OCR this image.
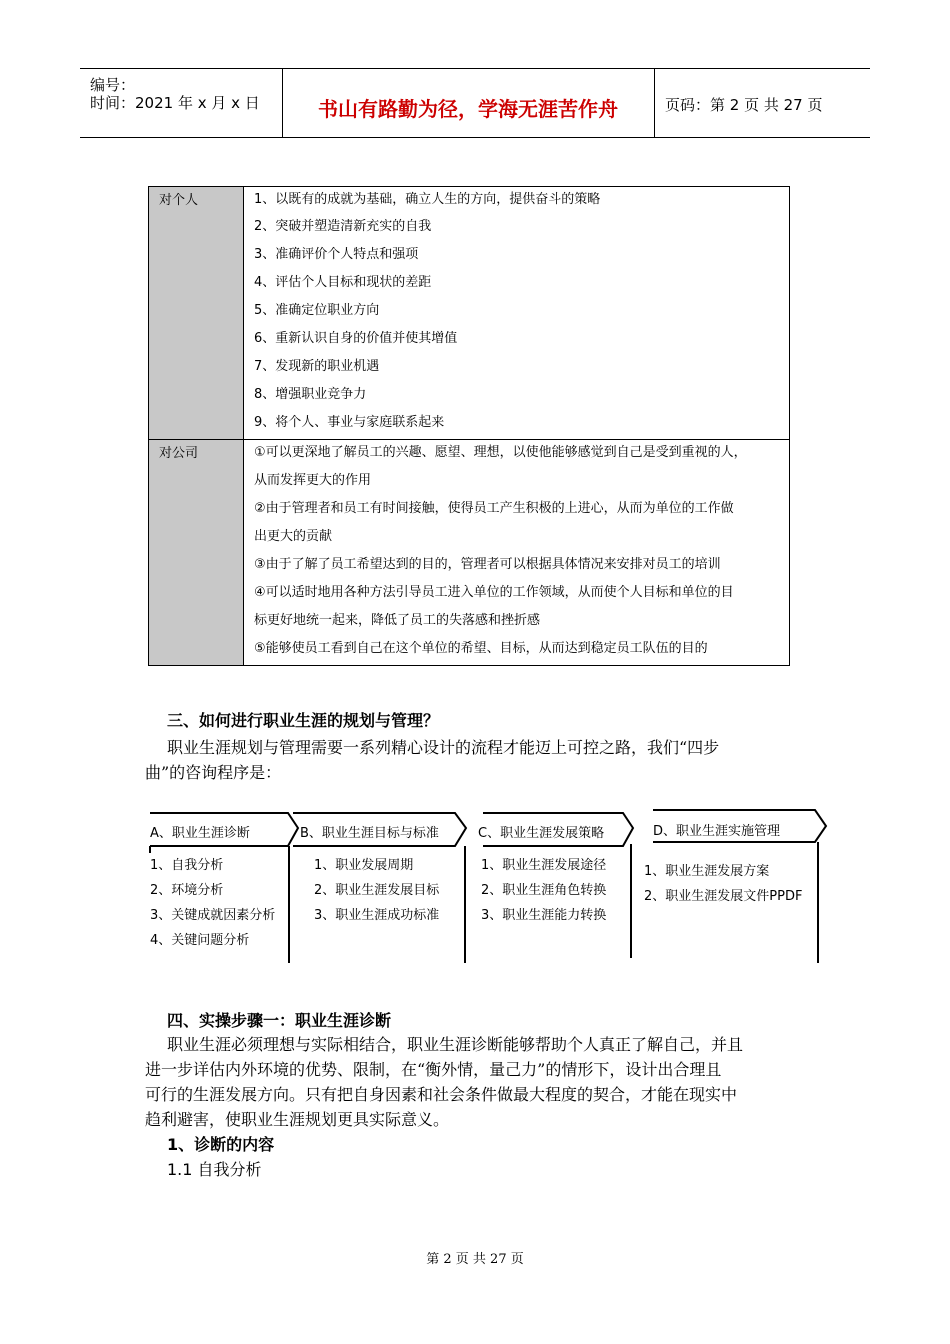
编号：
时间：2021 年 x 月 x 日	书山有路勤为径，学海无涯苦作舟	页码：第 2 页 共 27 页
对个人	1、以既有的成就为基础，确立人生的方向，提供奋斗的策略
2、突破并塑造清新充实的自我
3、准确评价个人特点和强项
4、评估个人目标和现状的差距
5、准确定位职业方向
6、重新认识自身的价值并使其增值
7、发现新的职业机遇
8、增强职业竞争力
9、将个人、事业与家庭联系起来
对公司	①可以更深地了解员工的兴趣、愿望、理想，以使他能够感觉到自己是受到重视的人，
从而发挥更大的作用
②由于管理者和员工有时间接触，使得员工产生积极的上进心，从而为单位的工作做
出更大的贡献
③由于了解了员工希望达到的目的，管理者可以根据具体情况来安排对员工的培训
④可以适时地用各种方法引导员工进入单位的工作领域，从而使个人目标和单位的目
标更好地统一起来，降低了员工的失落感和挫折感
⑤能够使员工看到自己在这个单位的希望、目标，从而达到稳定员工队伍的目的
三、如何进行职业生涯的规划与管理？
职业生涯规划与管理需要一系列精心设计的流程才能迈上可控之路，我们“四步
曲”的咨询程序是：
A、职业生涯诊断
1、自我分析
2、环境分析
3、关键成就因素分析
4、关键问题分析
B、职业生涯目标与标准
1、职业发展周期
2、职业生涯发展目标
3、职业生涯成功标准
C、职业生涯发展策略
1、职业生涯发展途径
2、职业生涯角色转换
3、职业生涯能力转换
D、职业生涯实施管理
1、职业生涯发展方案
2、职业生涯发展文件PPDF
四、实操步骤一：职业生涯诊断
职业生涯必须理想与实际相结合，职业生涯诊断能够帮助个人真正了解自己，并且
进一步详估内外环境的优势、限制，在“衡外情，量己力”的情形下，设计出合理且
可行的生涯发展方向。只有把自身因素和社会条件做最大程度的契合，才能在现实中
趋利避害，使职业生涯规划更具实际意义。
1、诊断的内容
1.1 自我分析
第 2 页 共 27 页
